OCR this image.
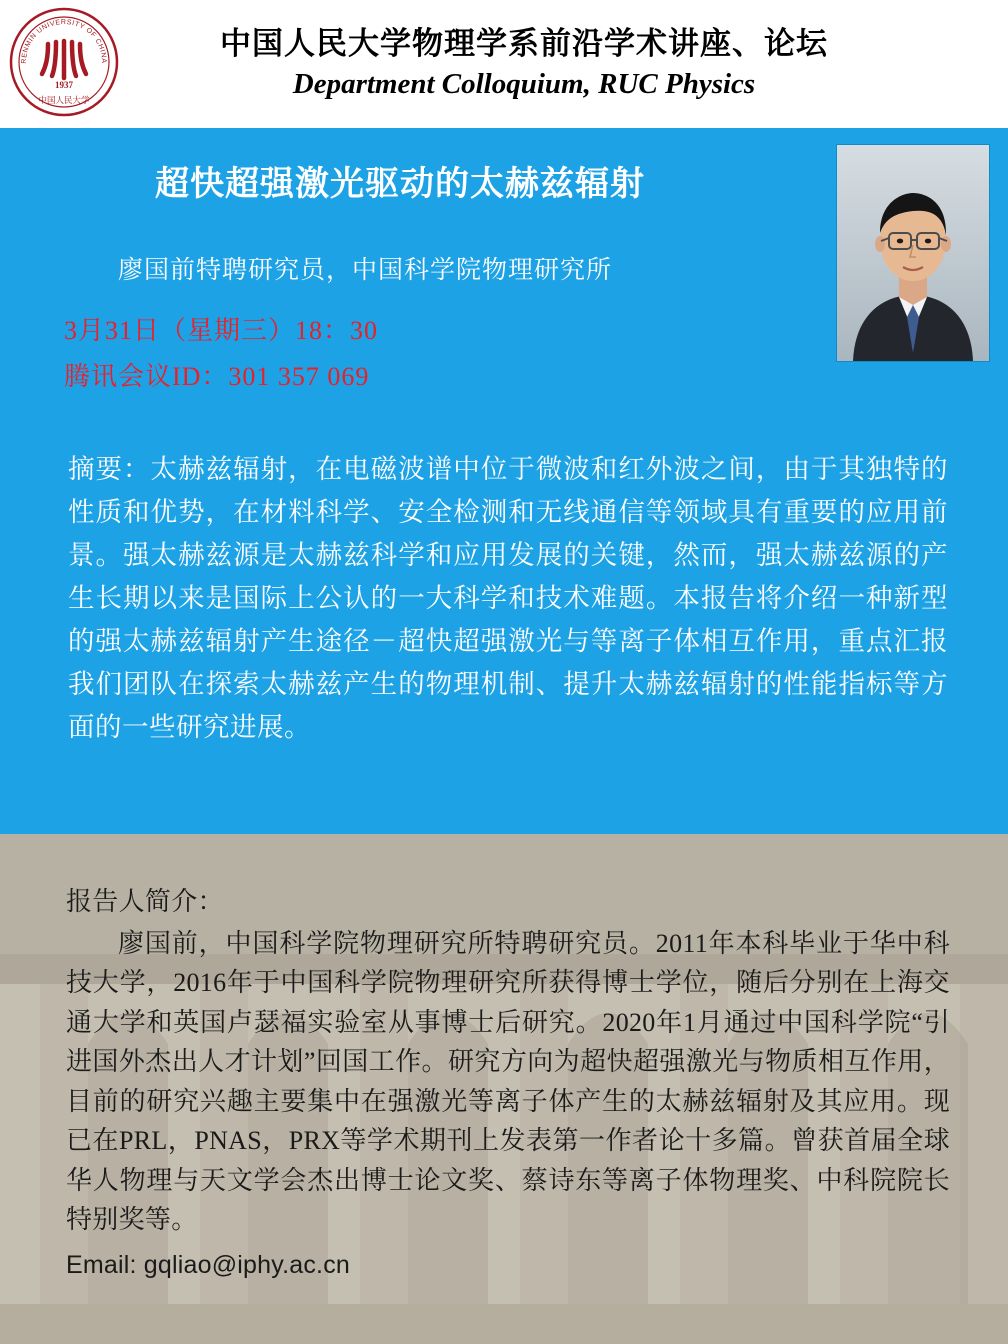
1937
中国人民大学
RENMIN UNIVERSITY OF CHINA	中国人民大学物理学系前沿学术讲座、论坛
Department Colloquium, RUC Physics
超快超强激光驱动的太赫兹辐射
廖国前特聘研究员，中国科学院物理研究所
3月31日（星期三）18：30
腾讯会议ID：301 357 069
摘要：太赫兹辐射，在电磁波谱中位于微波和红外波之间，由于其独特的性质和优势，在材料科学、安全检测和无线通信等领域具有重要的应用前景。强太赫兹源是太赫兹科学和应用发展的关键，然而，强太赫兹源的产生长期以来是国际上公认的一大科学和技术难题。本报告将介绍一种新型的强太赫兹辐射产生途径－超快超强激光与等离子体相互作用，重点汇报我们团队在探索太赫兹产生的物理机制、提升太赫兹辐射的性能指标等方面的一些研究进展。
报告人简介：
廖国前，中国科学院物理研究所特聘研究员。2011年本科毕业于华中科技大学，2016年于中国科学院物理研究所获得博士学位，随后分别在上海交通大学和英国卢瑟福实验室从事博士后研究。2020年1月通过中国科学院“引进国外杰出人才计划”回国工作。研究方向为超快超强激光与物质相互作用，目前的研究兴趣主要集中在强激光等离子体产生的太赫兹辐射及其应用。现已在PRL，PNAS，PRX等学术期刊上发表第一作者论十多篇。曾获首届全球华人物理与天文学会杰出博士论文奖、蔡诗东等离子体物理奖、中科院院长特别奖等。
Email: gqliao@iphy.ac.cn
